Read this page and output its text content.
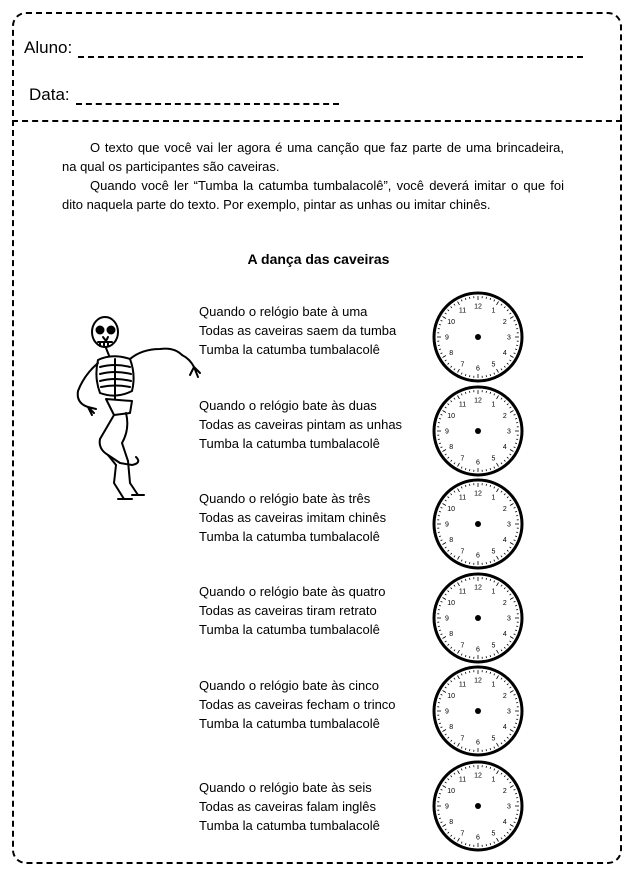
Aluno:
Data:

O texto que você vai ler agora é uma canção que faz parte de uma brincadeira, na qual os participantes são caveiras.

Quando você ler “Tumba la catumba tumbalacolê”, você deverá imitar o que foi dito naquela parte do texto. Por exemplo, pintar as unhas ou imitar chinês.

A dança das caveiras
Quando o relógio bate à uma
Todas as caveiras saem da tumba
Tumba la catumba tumbalacolê
Quando o relógio bate às duas
Todas as caveiras pintam as unhas
Tumba la catumba tumbalacolê
Quando o relógio bate às três
Todas as caveiras imitam chinês
Tumba la catumba tumbalacolê
Quando o relógio bate às quatro
Todas as caveiras tiram retrato
Tumba la catumba tumbalacolê
Quando o relógio bate às cinco
Todas as caveiras fecham o trinco
Tumba la catumba tumbalacolê
Quando o relógio bate às seis
Todas as caveiras falam inglês
Tumba la catumba tumbalacolê
12
1
2
3
4
5
6
7
8
9
10
11
12
1
2
3
4
5
6
7
8
9
10
11
12
1
2
3
4
5
6
7
8
9
10
11
12
1
2
3
4
5
6
7
8
9
10
11
12
1
2
3
4
5
6
7
8
9
10
11
12
1
2
3
4
5
6
7
8
9
10
11
